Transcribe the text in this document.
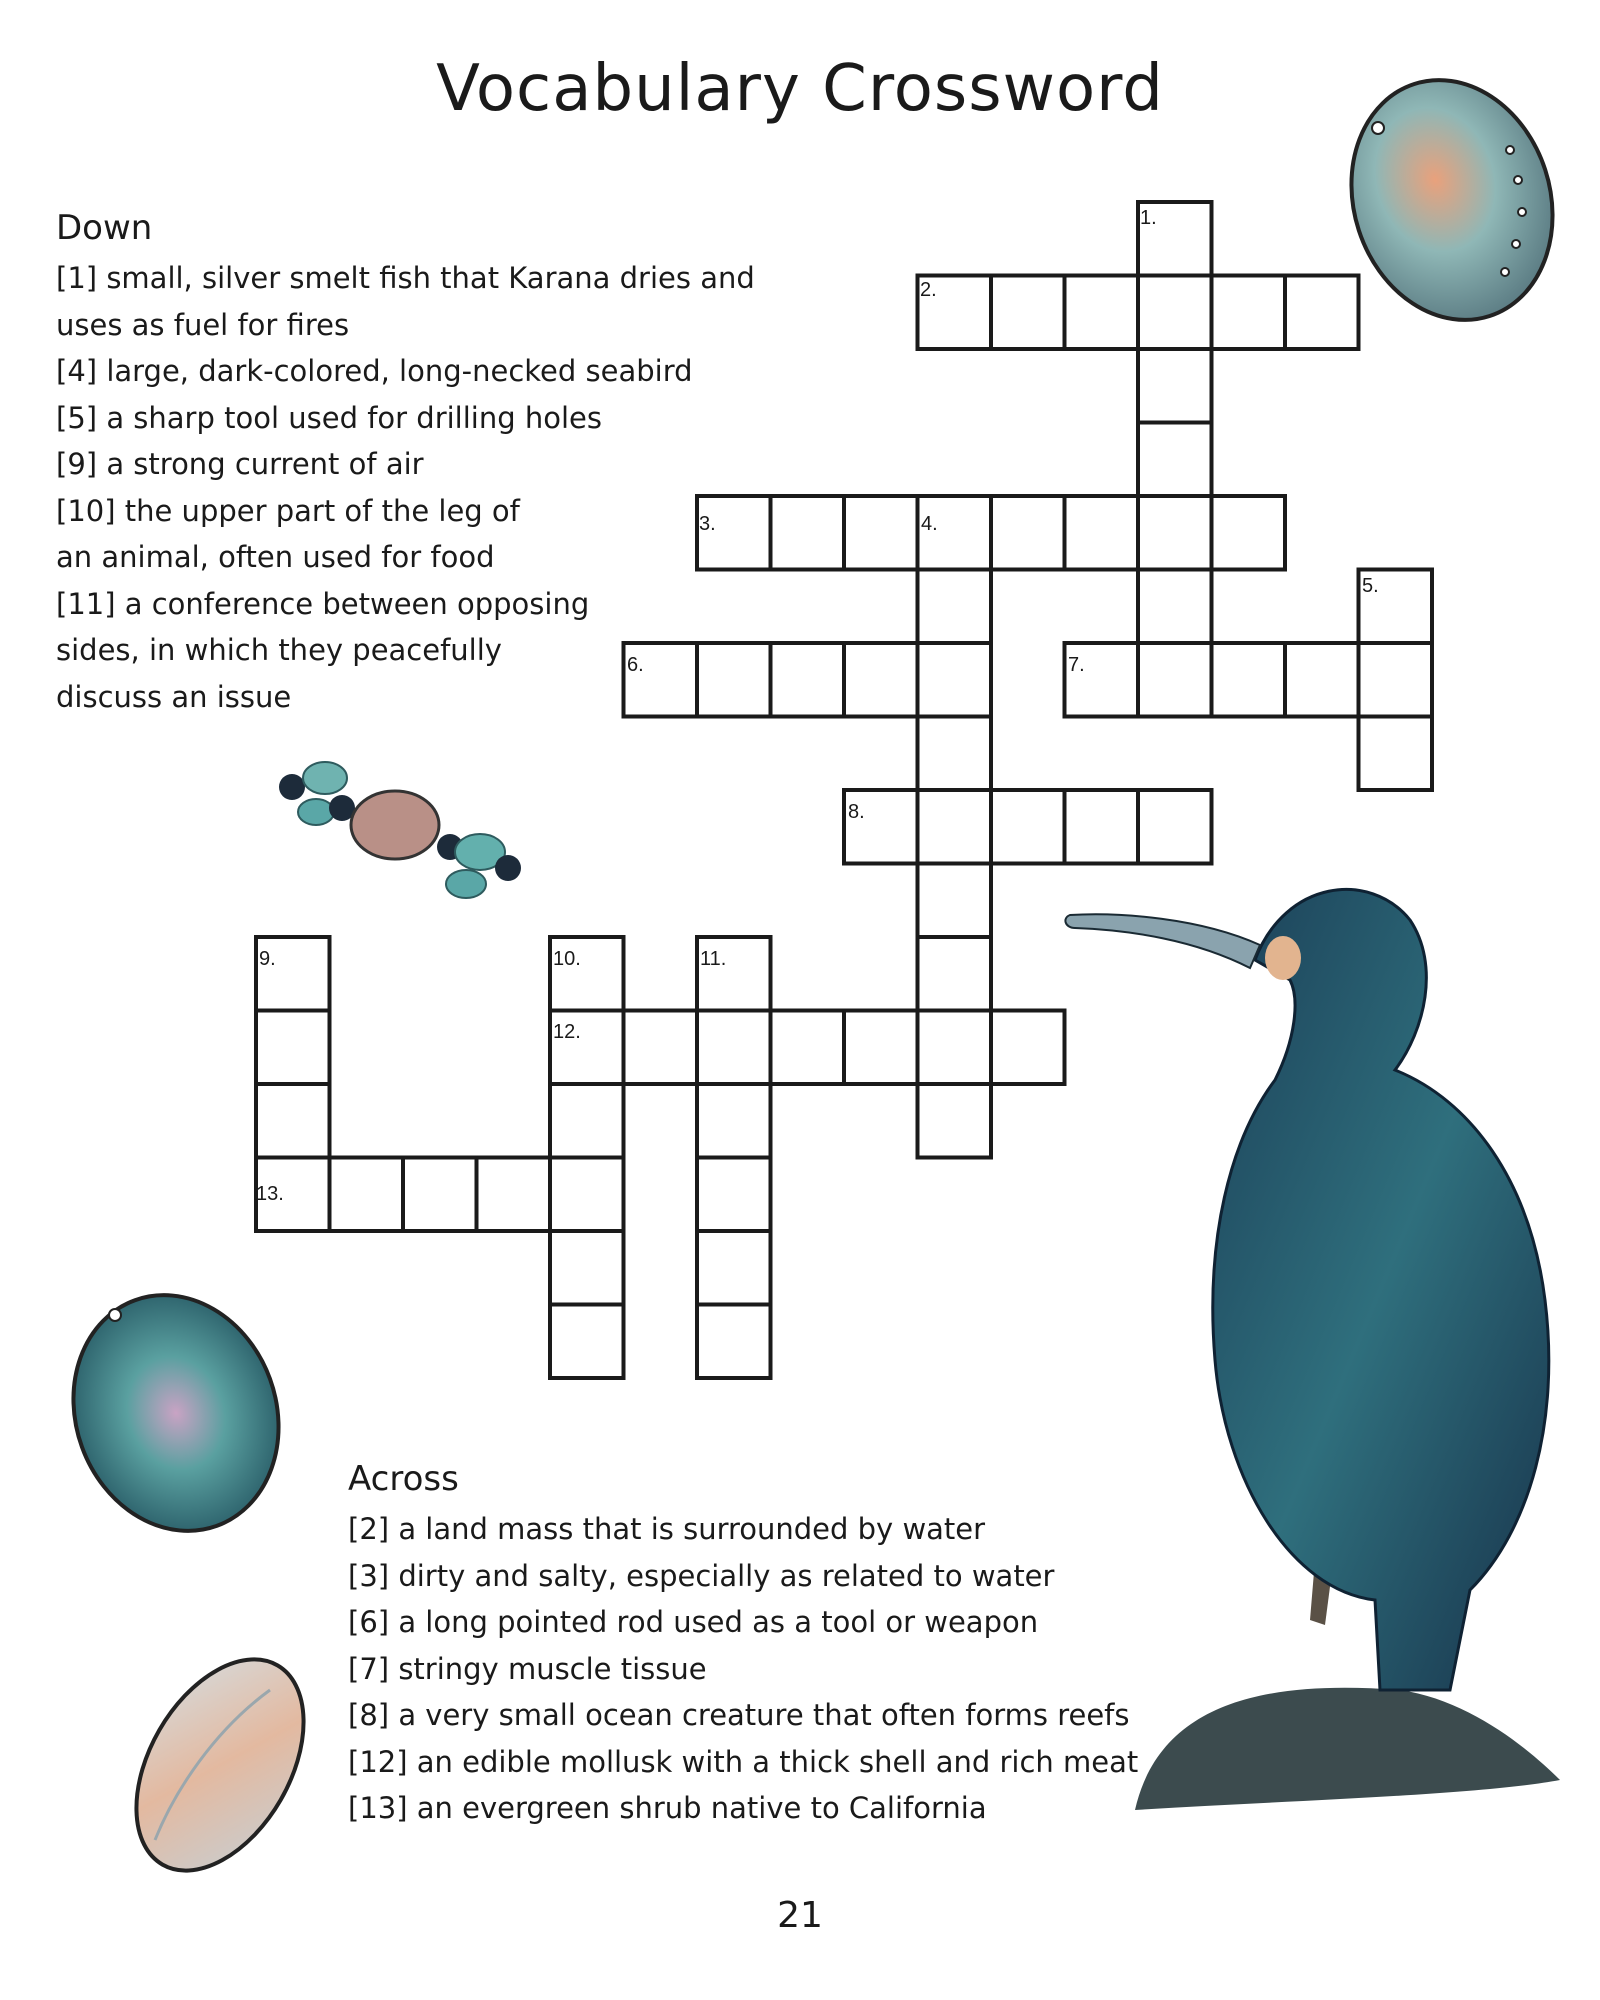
Vocabulary Crossword
Down

[1] small, silver smelt fish that Karana dries and

uses as fuel for fires

[4] large, dark-colored, long-necked seabird

[5] a sharp tool used for drilling holes

[9] a strong current of air

[10] the upper part of the leg of

an animal, often used for food

[11] a conference between opposing

sides, in which they peacefully

discuss an issue

1.
2.
3.	4.
5.
6.	7.
8.
9.	10.	11.
12.
13.
Across

[2] a land mass that is surrounded by water

[3] dirty and salty, especially as related to water

[6] a long pointed rod used as a tool or weapon

[7] stringy muscle tissue

[8] a very small ocean creature that often forms reefs

[12] an edible mollusk with a thick shell and rich meat

[13] an evergreen shrub native to California

21
